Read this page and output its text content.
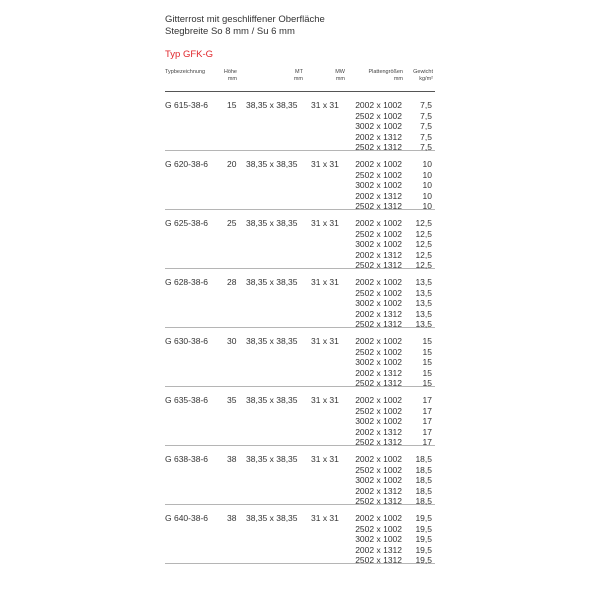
Gitterrost mit geschliffener Oberfläche
Stegbreite So 8 mm / Su 6 mm
Typ GFK-G
Typbezeichnung	Höhe
mm
MT
mm
MW
mm
Plattengrößen
mm
Gewicht
kg/m²
G 615-38-6 15 38,35 x 38,35 31 x 31 2002 x 1002
2502 x 1002
3002 x 1002
2002 x 1312
2502 x 1312
7,5
7,5
7,5
7,5
7,5
G 620-38-6 20 38,35 x 38,35 31 x 31 2002 x 1002
2502 x 1002
3002 x 1002
2002 x 1312
2502 x 1312
10
10
10
10
10
G 625-38-6 25 38,35 x 38,35 31 x 31 2002 x 1002
2502 x 1002
3002 x 1002
2002 x 1312
2502 x 1312
12,5
12,5
12,5
12,5
12,5
G 628-38-6 28 38,35 x 38,35 31 x 31 2002 x 1002
2502 x 1002
3002 x 1002
2002 x 1312
2502 x 1312
13,5
13,5
13,5
13,5
13,5
G 630-38-6 30 38,35 x 38,35 31 x 31 2002 x 1002
2502 x 1002
3002 x 1002
2002 x 1312
2502 x 1312
15
15
15
15
15
G 635-38-6 35 38,35 x 38,35 31 x 31 2002 x 1002
2502 x 1002
3002 x 1002
2002 x 1312
2502 x 1312
17
17
17
17
17
G 638-38-6 38 38,35 x 38,35 31 x 31 2002 x 1002
2502 x 1002
3002 x 1002
2002 x 1312
2502 x 1312
18,5
18,5
18,5
18,5
18,5
G 640-38-6 38 38,35 x 38,35 31 x 31 2002 x 1002
2502 x 1002
3002 x 1002
2002 x 1312
2502 x 1312
19,5
19,5
19,5
19,5
19,5
